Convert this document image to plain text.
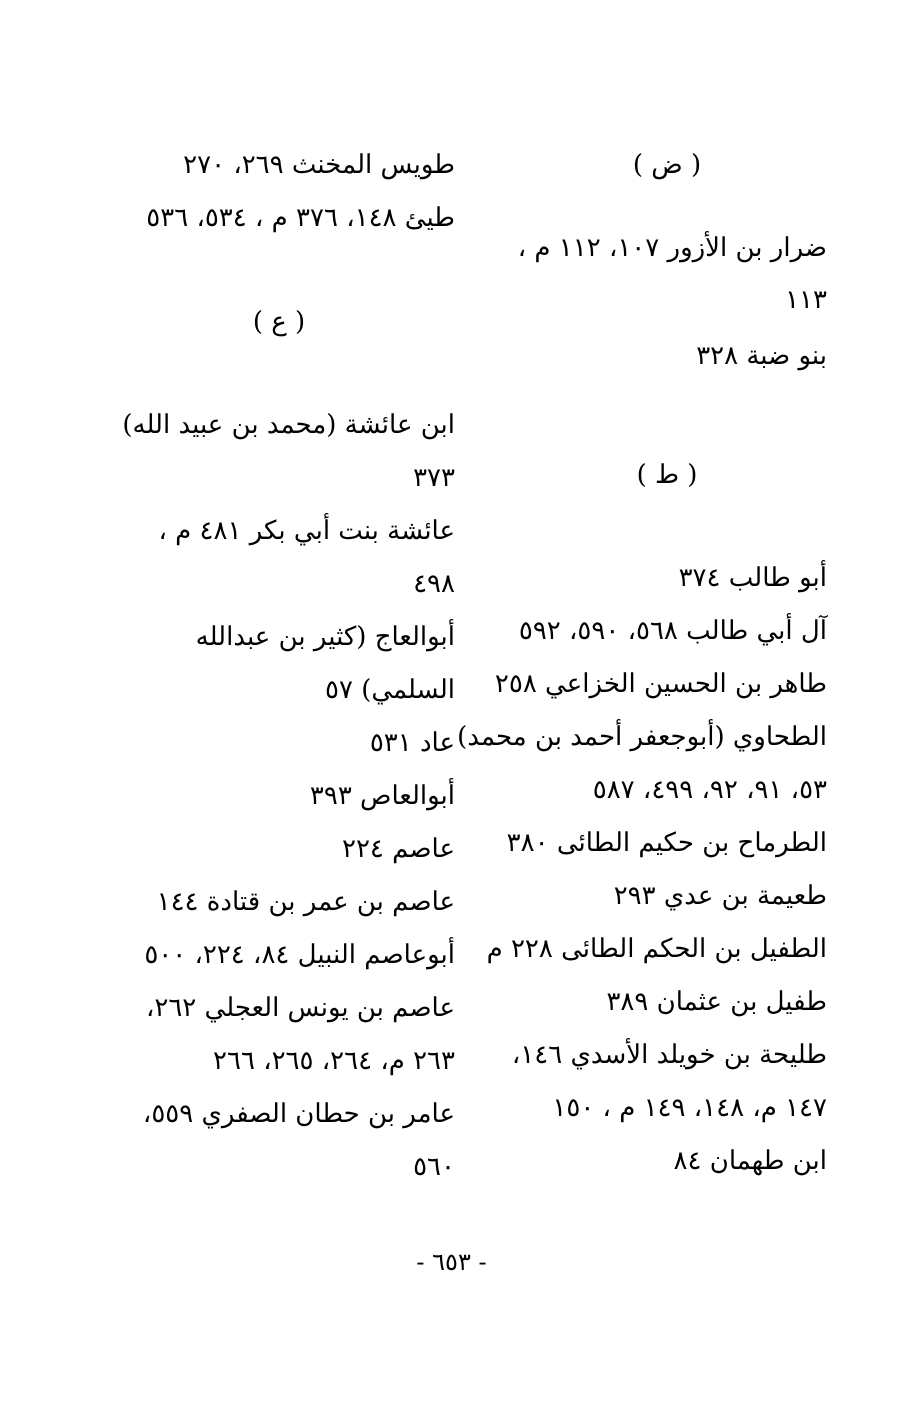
( ض )
ضرار بن الأزور ١٠٧، ١١٢ م ،
١١٣
بنو ضبة ٣٢٨
( ط )
أبو طالب ٣٧٤
آل أبي طالب ٥٦٨، ٥٩٠، ٥٩٢
طاهر بن الحسين الخزاعي ٢٥٨
الطحاوي (أبوجعفر أحمد بن محمد)
٥٣، ٩١، ٩٢، ٤٩٩، ٥٨٧
الطرماح بن حكيم الطائى ٣٨٠
طعيمة بن عدي ٢٩٣
الطفيل بن الحكم الطائى ٢٢٨ م
طفيل بن عثمان ٣٨٩
طليحة بن خويلد الأسدي ١٤٦،
١٤٧ م، ١٤٨، ١٤٩ م ، ١٥٠
ابن طهمان ٨٤
طويس المخنث ٢٦٩، ٢٧٠
طيئ ١٤٨، ٣٧٦ م ، ٥٣٤، ٥٣٦
( ع )
ابن عائشة (محمد بن عبيد الله)
٣٧٣
عائشة بنت أبي بكر ٤٨١ م ،
٤٩٨
أبوالعاج (كثير بن عبدالله
السلمي) ٥٧
عاد ٥٣١
أبوالعاص ٣٩٣
عاصم ٢٢٤
عاصم بن عمر بن قتادة ١٤٤
أبوعاصم النبيل ٨٤، ٢٢٤، ٥٠٠
عاصم بن يونس العجلي ٢٦٢،
٢٦٣ م، ٢٦٤، ٢٦٥، ٢٦٦
عامر بن حطان الصفري ٥٥٩،
٥٦٠
- ٦٥٣ -
